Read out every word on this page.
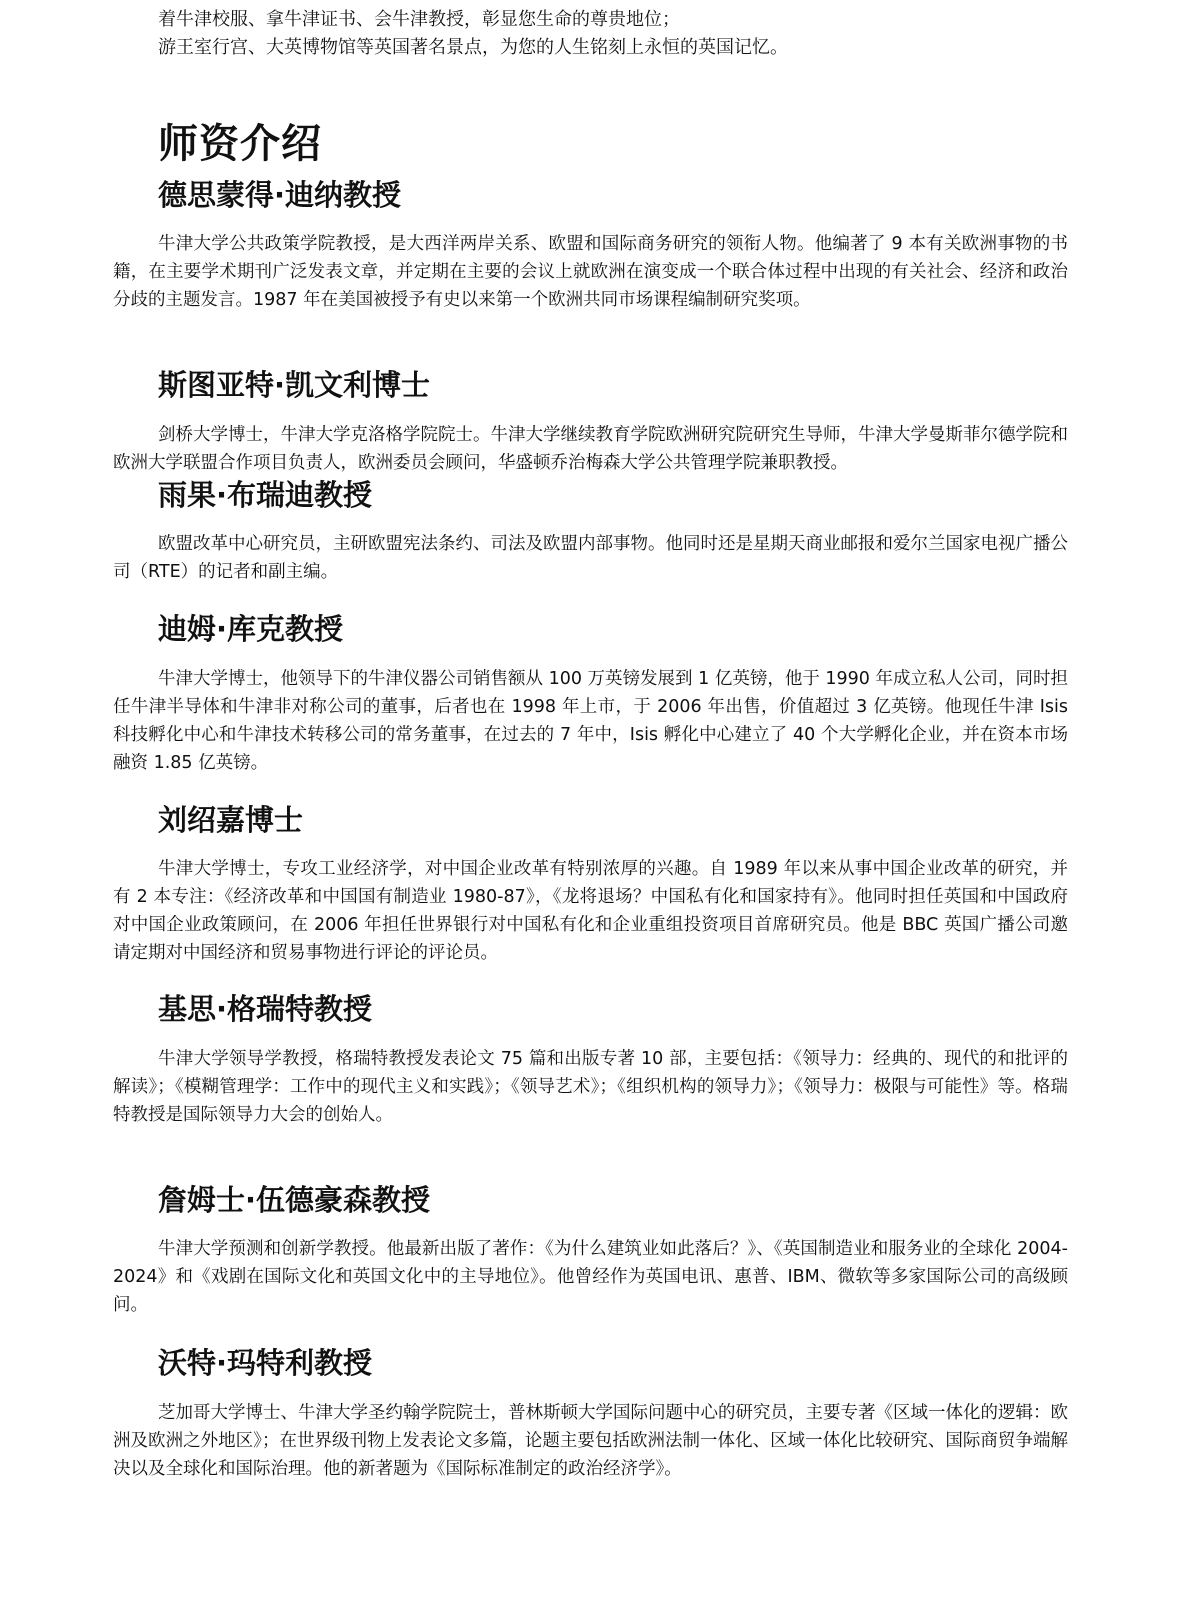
着牛津校服、拿牛津证书、会牛津教授，彰显您生命的尊贵地位；

游王室行宫、大英博物馆等英国著名景点，为您的人生铭刻上永恒的英国记忆。

师资介绍
德思蒙得·迪纳教授

牛津大学公共政策学院教授，是大西洋两岸关系、欧盟和国际商务研究的领衔人物。他编著了 9 本有关欧洲事物的书籍，在主要学术期刊广泛发表文章，并定期在主要的会议上就欧洲在演变成一个联合体过程中出现的有关社会、经济和政治分歧的主题发言。1987 年在美国被授予有史以来第一个欧洲共同市场课程编制研究奖项。

斯图亚特·凯文利博士

剑桥大学博士，牛津大学克洛格学院院士。牛津大学继续教育学院欧洲研究院研究生导师，牛津大学曼斯菲尔德学院和欧洲大学联盟合作项目负责人，欧洲委员会顾问，华盛顿乔治梅森大学公共管理学院兼职教授。

雨果·布瑞迪教授

欧盟改革中心研究员，主研欧盟宪法条约、司法及欧盟内部事物。他同时还是星期天商业邮报和爱尔兰国家电视广播公司（RTE）的记者和副主编。

迪姆·库克教授

牛津大学博士，他领导下的牛津仪器公司销售额从 100 万英镑发展到 1 亿英镑，他于 1990 年成立私人公司，同时担任牛津半导体和牛津非对称公司的董事，后者也在 1998 年上市，于 2006 年出售，价值超过 3 亿英镑。他现任牛津 Isis 科技孵化中心和牛津技术转移公司的常务董事，在过去的 7 年中，Isis 孵化中心建立了 40 个大学孵化企业，并在资本市场融资 1.85 亿英镑。

刘绍嘉博士

牛津大学博士，专攻工业经济学，对中国企业改革有特别浓厚的兴趣。自 1989 年以来从事中国企业改革的研究，并有 2 本专注：《经济改革和中国国有制造业 1980-87》，《龙将退场？中国私有化和国家持有》。他同时担任英国和中国政府对中国企业政策顾问，在 2006 年担任世界银行对中国私有化和企业重组投资项目首席研究员。他是 BBC 英国广播公司邀请定期对中国经济和贸易事物进行评论的评论员。

基思·格瑞特教授

牛津大学领导学教授，格瑞特教授发表论文 75 篇和出版专著 10 部，主要包括：《领导力：经典的、现代的和批评的解读》；《模糊管理学：工作中的现代主义和实践》；《领导艺术》；《组织机构的领导力》；《领导力：极限与可能性》等。格瑞特教授是国际领导力大会的创始人。

詹姆士·伍德豪森教授

牛津大学预测和创新学教授。他最新出版了著作：《为什么建筑业如此落后？》、《英国制造业和服务业的全球化 2004-2024》和《戏剧在国际文化和英国文化中的主导地位》。他曾经作为英国电讯、惠普、IBM、微软等多家国际公司的高级顾问。

沃特·玛特利教授

芝加哥大学博士、牛津大学圣约翰学院院士，普林斯顿大学国际问题中心的研究员，主要专著《区域一体化的逻辑：欧洲及欧洲之外地区》；在世界级刊物上发表论文多篇，论题主要包括欧洲法制一体化、区域一体化比较研究、国际商贸争端解决以及全球化和国际治理。他的新著题为《国际标准制定的政治经济学》。
